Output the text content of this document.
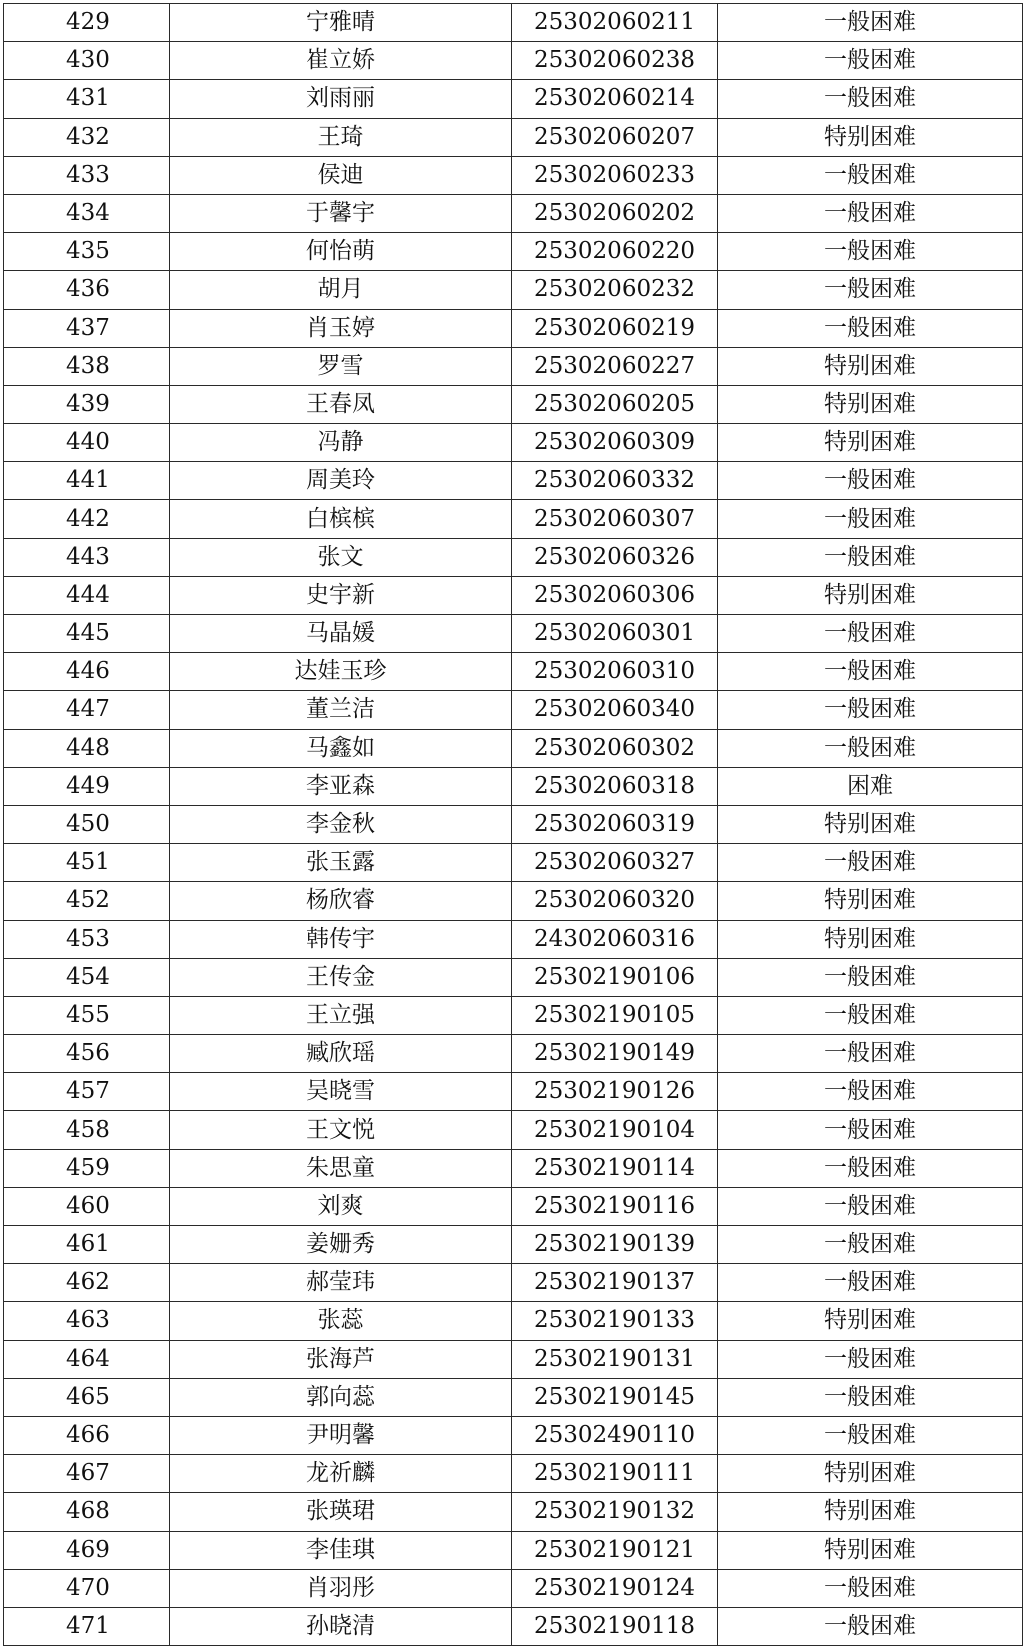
429	宁雅晴	25302060211	一般困难
430	崔立娇	25302060238	一般困难
431	刘雨丽	25302060214	一般困难
432	王琦	25302060207	特别困难
433	侯迪	25302060233	一般困难
434	于馨宇	25302060202	一般困难
435	何怡萌	25302060220	一般困难
436	胡月	25302060232	一般困难
437	肖玉婷	25302060219	一般困难
438	罗雪	25302060227	特别困难
439	王春凤	25302060205	特别困难
440	冯静	25302060309	特别困难
441	周美玲	25302060332	一般困难
442	白槟槟	25302060307	一般困难
443	张文	25302060326	一般困难
444	史宇新	25302060306	特别困难
445	马晶媛	25302060301	一般困难
446	达娃玉珍	25302060310	一般困难
447	董兰洁	25302060340	一般困难
448	马鑫如	25302060302	一般困难
449	李亚森	25302060318	困难
450	李金秋	25302060319	特别困难
451	张玉露	25302060327	一般困难
452	杨欣睿	25302060320	特别困难
453	韩传宇	24302060316	特别困难
454	王传金	25302190106	一般困难
455	王立强	25302190105	一般困难
456	臧欣瑶	25302190149	一般困难
457	吴晓雪	25302190126	一般困难
458	王文悦	25302190104	一般困难
459	朱思童	25302190114	一般困难
460	刘爽	25302190116	一般困难
461	姜姗秀	25302190139	一般困难
462	郝莹玮	25302190137	一般困难
463	张蕊	25302190133	特别困难
464	张海芦	25302190131	一般困难
465	郭向蕊	25302190145	一般困难
466	尹明馨	25302490110	一般困难
467	龙祈麟	25302190111	特别困难
468	张瑛珺	25302190132	特别困难
469	李佳琪	25302190121	特别困难
470	肖羽彤	25302190124	一般困难
471	孙晓清	25302190118	一般困难
